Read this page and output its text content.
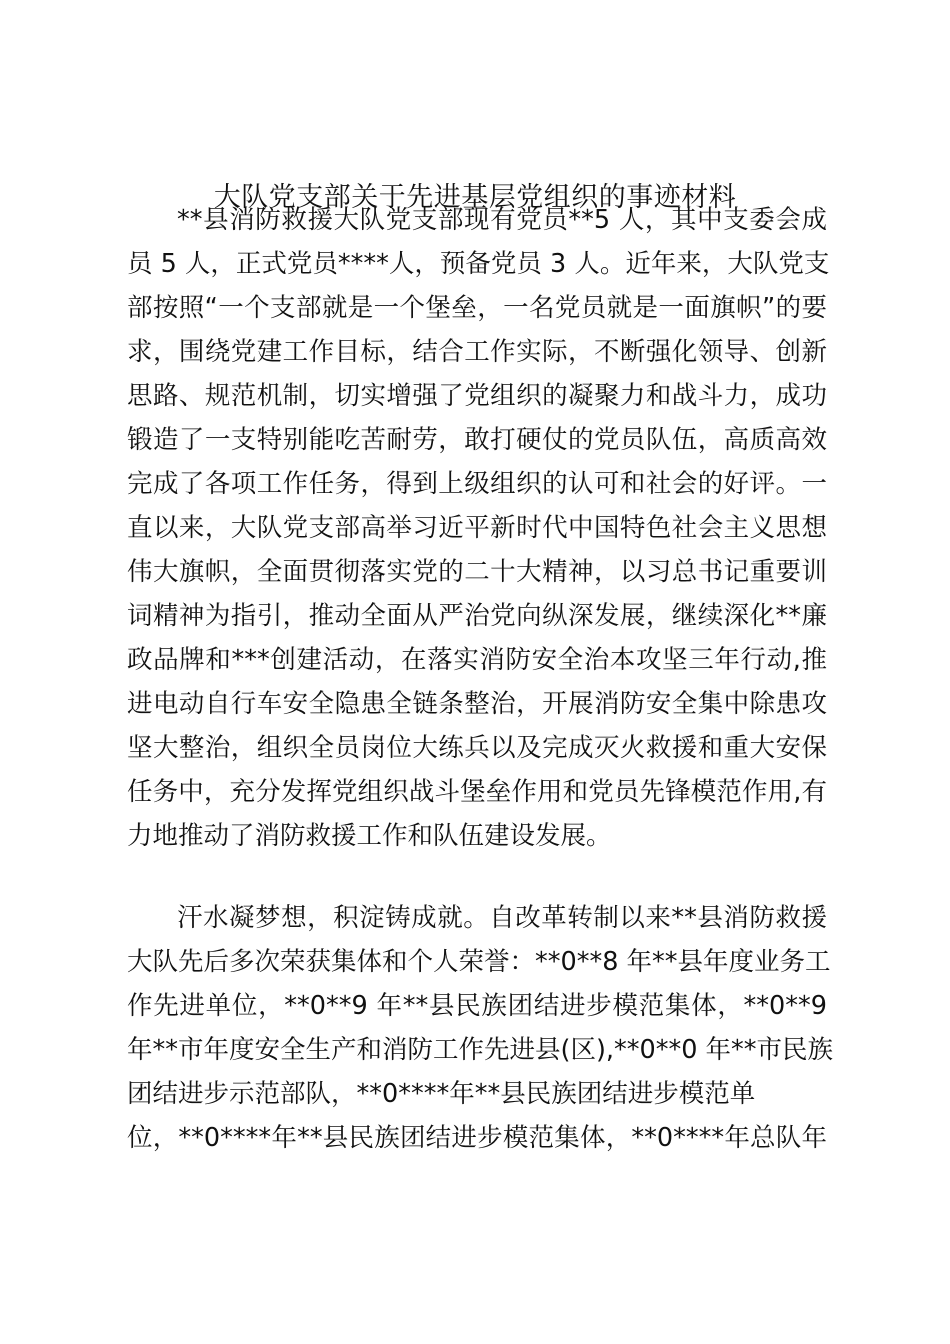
大队党支部关于先进基层党组织的事迹材料
**县消防救援大队党支部现有党员**5 人，其中支委会成
员 5 人，正式党员****人，预备党员 3 人。近年来，大队党支
部按照“一个支部就是一个堡垒，一名党员就是一面旗帜”的要
求，围绕党建工作目标，结合工作实际，不断强化领导、创新
思路、规范机制，切实增强了党组织的凝聚力和战斗力，成功
锻造了一支特别能吃苦耐劳，敢打硬仗的党员队伍，高质高效
完成了各项工作任务，得到上级组织的认可和社会的好评。一
直以来，大队党支部高举习近平新时代中国特色社会主义思想
伟大旗帜，全面贯彻落实党的二十大精神，以习总书记重要训
词精神为指引，推动全面从严治党向纵深发展，继续深化**廉
政品牌和***创建活动，在落实消防安全治本攻坚三年行动,推
进电动自行车安全隐患全链条整治，开展消防安全集中除患攻
坚大整治，组织全员岗位大练兵以及完成灭火救援和重大安保
任务中，充分发挥党组织战斗堡垒作用和党员先锋模范作用,有
力地推动了消防救援工作和队伍建设发展。
汗水凝梦想，积淀铸成就。自改革转制以来**县消防救援
大队先后多次荣获集体和个人荣誉：**0**8 年**县年度业务工
作先进单位，**0**9 年**县民族团结进步模范集体，**0**9
年**市年度安全生产和消防工作先进县(区),**0**0 年**市民族
团结进步示范部队，**0****年**县民族团结进步模范单
位，**0****年**县民族团结进步模范集体，**0****年总队年
